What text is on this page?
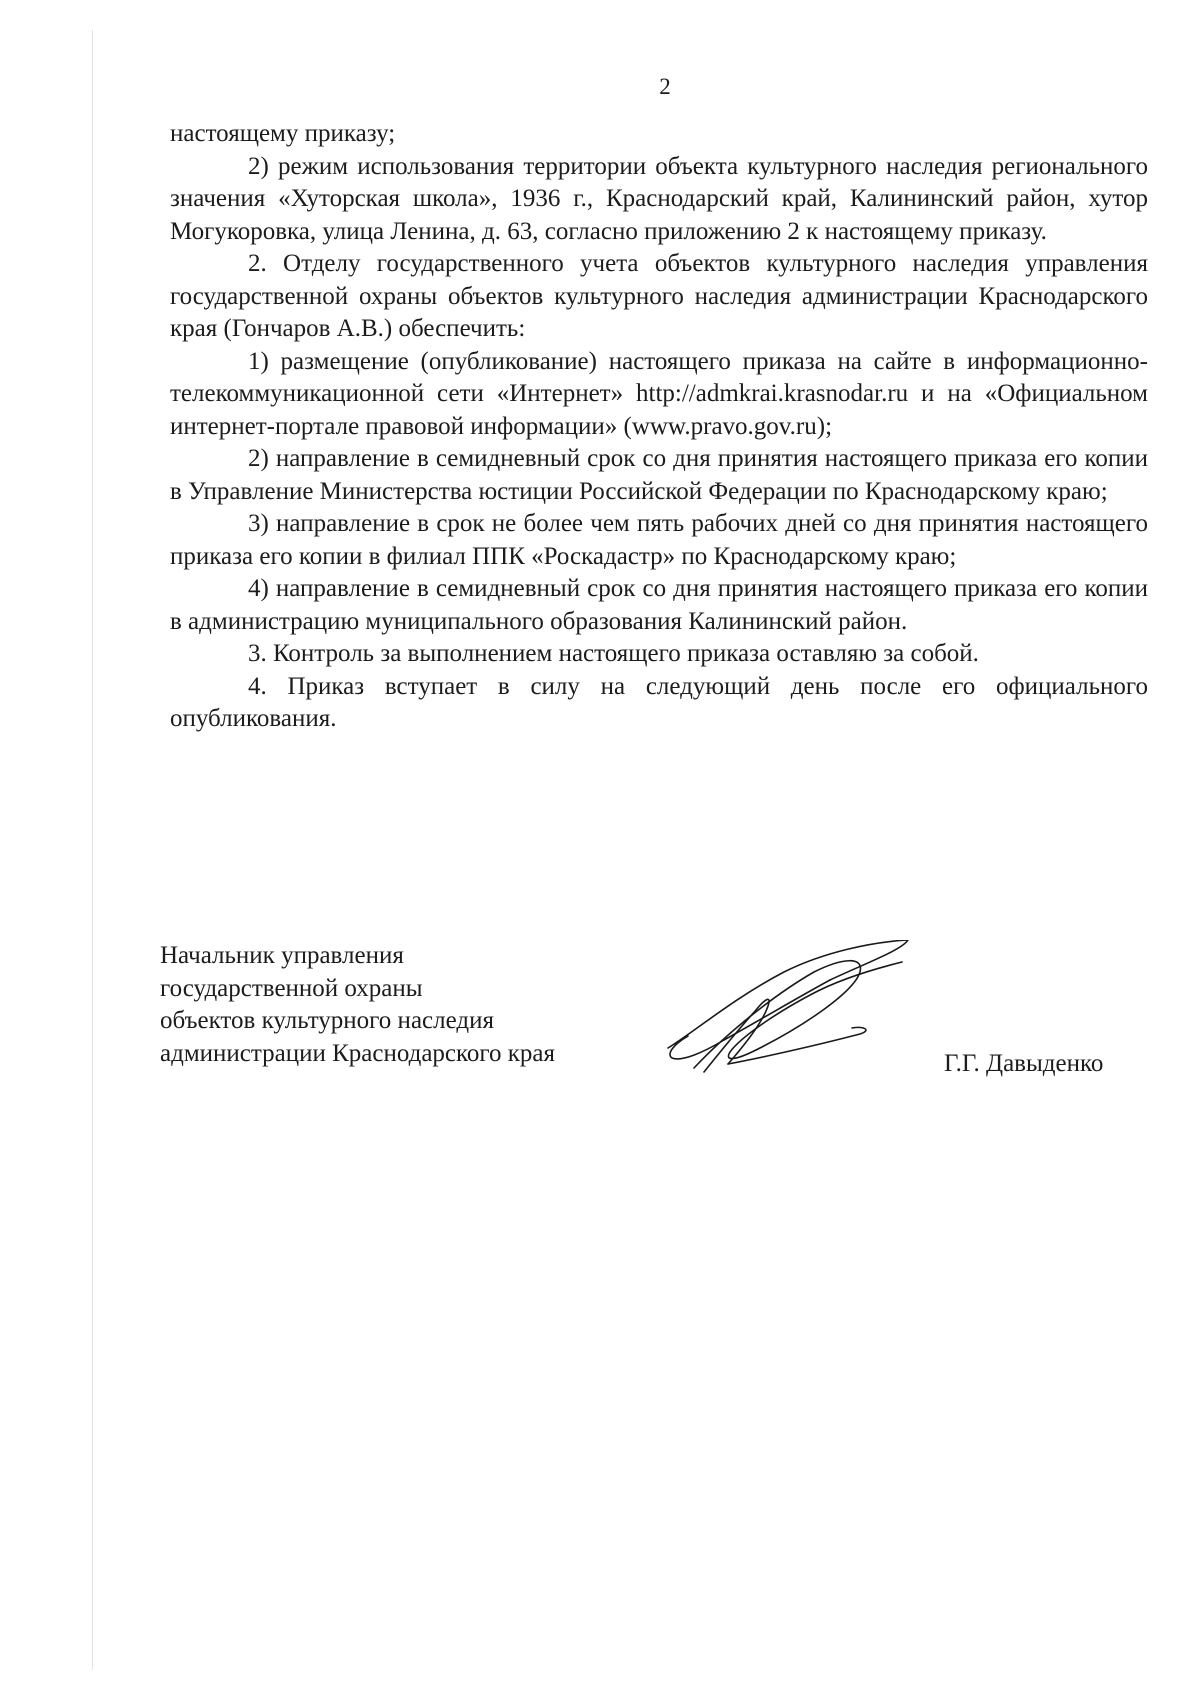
2

настоящему приказу;

2) режим использования территории объекта культурного наследия регионального значения «Хуторская школа», 1936 г., Краснодарский край, Калининский район, хутор Могукоровка, улица Ленина, д. 63, согласно приложению 2 к настоящему приказу.

2. Отделу государственного учета объектов культурного наследия управления государственной охраны объектов культурного наследия администрации Краснодарского края (Гончаров А.В.) обеспечить:

1) размещение (опубликование) настоящего приказа на сайте в информационно-телекоммуникационной сети «Интернет» http://admkrai.krasnodar.ru и на «Официальном интернет-портале правовой информации» (www.pravo.gov.ru);

2) направление в семидневный срок со дня принятия настоящего приказа его копии в Управление Министерства юстиции Российской Федерации по Краснодарскому краю;

3) направление в срок не более чем пять рабочих дней со дня принятия настоящего приказа его копии в филиал ППК «Роскадастр» по Краснодарскому краю;

4) направление в семидневный срок со дня принятия настоящего приказа его копии в администрацию муниципального образования Калининский район.

3. Контроль за выполнением настоящего приказа оставляю за собой.

4. Приказ вступает в силу на следующий день после его официального опубликования.

Начальник управления
государственной охраны
объектов культурного наследия
администрации Краснодарского края	Г.Г. Давыденко
